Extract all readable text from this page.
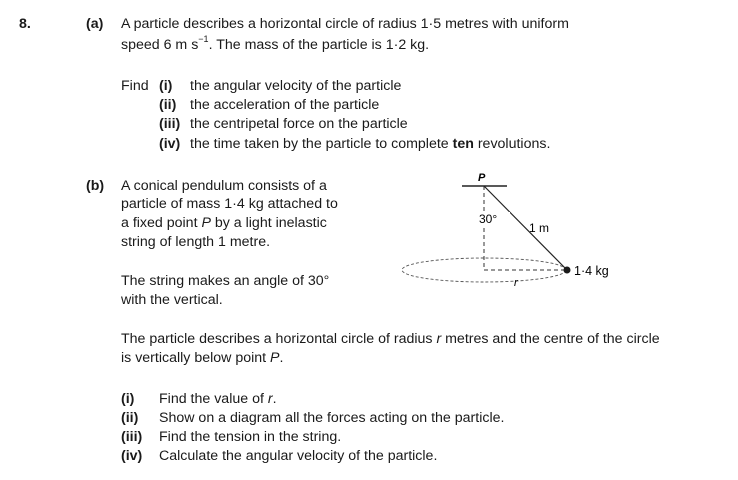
8.	(a) A particle describes a horizontal circle of radius 1·5 metres with uniform
speed 6 m $s^{-1}$. The mass of the particle is 1·2 kg.
Find (i) the angular velocity of the particle
(ii) the acceleration of the particle
(iii) the centripetal force on the particle
(iv) the time taken by the particle to complete ten revolutions.
(b) A conical pendulum consists of a
particle of mass 1·4 kg attached to
a fixed point P by a light inelastic
string of length 1 metre.
The string makes an angle of 30°
with the vertical.
The particle describes a horizontal circle of radius r metres and the centre of the circle
is vertically below point P.
(i) Find the value of r.
(ii) Show on a diagram all the forces acting on the particle.
(iii) Find the tension in the string.
(iv) Calculate the angular velocity of the particle.
P
30°
1 m
r
1·4 kg
